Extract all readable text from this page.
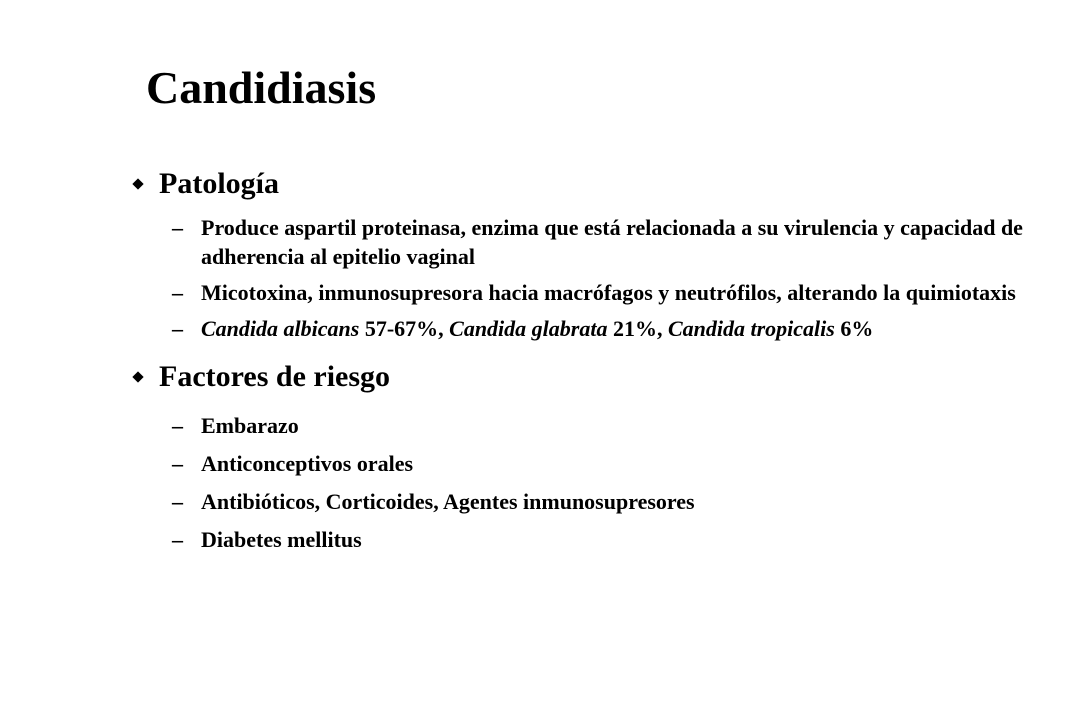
Candidiasis
Patología
– Produce aspartil proteinasa, enzima que está relacionada a su virulencia y capacidad de adherencia al epitelio vaginal
– Micotoxina, inmunosupresora hacia macrófagos y neutrófilos, alterando la quimiotaxis
– Candida albicans 57-67%, Candida glabrata 21%, Candida tropicalis 6%
Factores de riesgo
– Embarazo
– Anticonceptivos orales
– Antibióticos, Corticoides, Agentes inmunosupresores
– Diabetes mellitus
